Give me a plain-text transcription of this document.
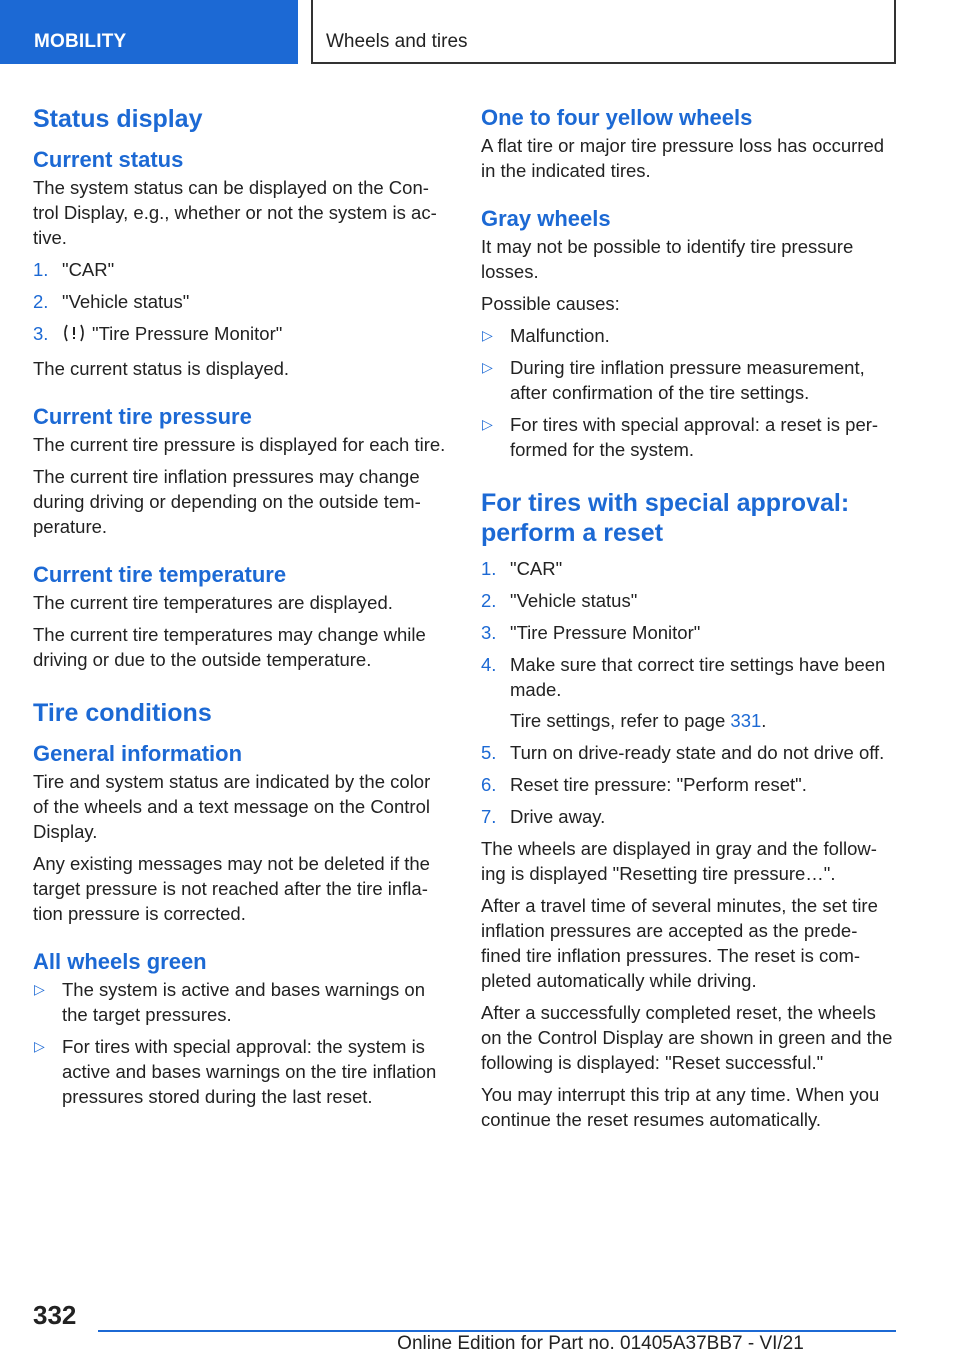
MOBILITY	Wheels and tires
Status display
Current status

The system status can be displayed on the Con-trol Display, e.g., whether or not the system is ac-tive.

1. "CAR"
2. "Vehicle status"
3. "Tire Pressure Monitor"

The current status is displayed.

Current tire pressure

The current tire pressure is displayed for each tire.

The current tire inflation pressures may change during driving or depending on the outside tem-perature.

Current tire temperature

The current tire temperatures are displayed.

The current tire temperatures may change while driving or due to the outside temperature.

Tire conditions
General information

Tire and system status are indicated by the color of the wheels and a text message on the Control Display.

Any existing messages may not be deleted if the target pressure is not reached after the tire infla-tion pressure is corrected.

All wheels green
▷ The system is active and bases warnings on the target pressures.
▷ For tires with special approval: the system is active and bases warnings on the tire inflation pressures stored during the last reset.
One to four yellow wheels

A flat tire or major tire pressure loss has occurred in the indicated tires.

Gray wheels

It may not be possible to identify tire pressure losses.

Possible causes:

▷ Malfunction.
▷ During tire inflation pressure measurement, after confirmation of the tire settings.
▷ For tires with special approval: a reset is per-formed for the system.
For tires with special approval: perform a reset
1. "CAR"
2. "Vehicle status"
3. "Tire Pressure Monitor"
4. Make sure that correct tire settings have been made.

Tire settings, refer to page 331.

5. Turn on drive-ready state and do not drive off.
6. Reset tire pressure: "Perform reset".
7. Drive away.

The wheels are displayed in gray and the follow-ing is displayed "Resetting tire pressure…".

After a travel time of several minutes, the set tire inflation pressures are accepted as the prede-fined tire inflation pressures. The reset is com-pleted automatically while driving.

After a successfully completed reset, the wheels on the Control Display are shown in green and the following is displayed: "Reset successful."

You may interrupt this trip at any time. When you continue the reset resumes automatically.

332
Online Edition for Part no. 01405A37BB7 - VI/21
